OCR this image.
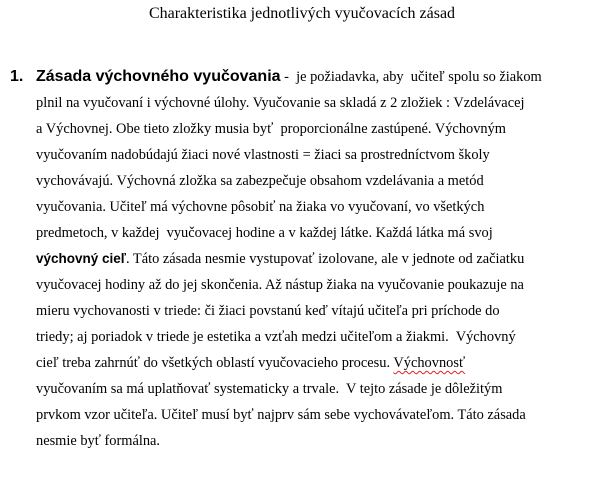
Charakteristika jednotlivých vyučovacích zásad
1. Zásada výchovného vyučovania -  je požiadavka, aby  učiteľ spolu so žiakom
plnil na vyučovaní i výchovné úlohy. Vyučovanie sa skladá z 2 zložiek : Vzdelávacej
a Výchovnej. Obe tieto zložky musia byť  proporcionálne zastúpené. Výchovným
vyučovaním nadobúdajú žiaci nové vlastnosti = žiaci sa prostredníctvom školy
vychovávajú. Výchovná zložka sa zabezpečuje obsahom vzdelávania a metód
vyučovania. Učiteľ má výchovne pôsobiť na žiaka vo vyučovaní, vo všetkých
predmetoch, v každej  vyučovacej hodine a v každej látke. Každá látka má svoj
výchovný cieľ. Táto zásada nesmie vystupovať izolovane, ale v jednote od začiatku
vyučovacej hodiny až do jej skončenia. Až nástup žiaka na vyučovanie poukazuje na
mieru vychovanosti v triede: či žiaci povstanú keď vítajú učiteľa pri príchode do
triedy; aj poriadok v triede je estetika a vzťah medzi učiteľom a žiakmi.  Výchovný
cieľ treba zahrnúť do všetkých oblastí vyučovacieho procesu. Výchovnosť
vyučovaním sa má uplatňovať systematicky a trvale.  V tejto zásade je dôležitým
prvkom vzor učiteľa. Učiteľ musí byť najprv sám sebe vychovávateľom. Táto zásada
nesmie byť formálna.
